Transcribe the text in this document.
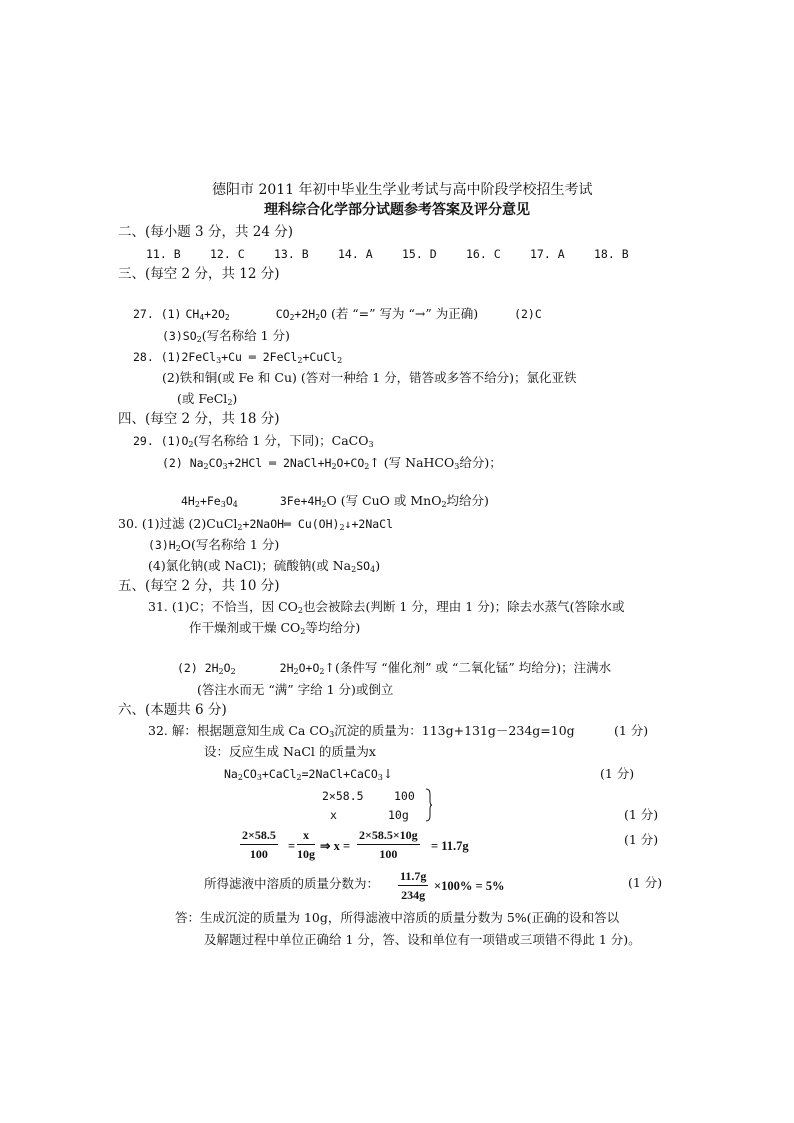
德阳市 2011 年初中毕业生学业考试与高中阶段学校招生考试
理科综合化学部分试题参考答案及评分意见
二、(每小题 3 分，共 24 分)
11. B	12. C	13. B	14. A	15. D	16. C	17. A	18. B
三、(每空 2 分，共 12 分)
27. (1) $CH_4+2O_2$	$CO_2+2H_2O$ (若 “=” 写为 “→” 为正确)	(2)C
$(3)SO_2$(写名称给 1 分)
28. (1)2FeCl$_3$+Cu ═ 2FeCl$_2$+CuCl$_2$
(2)铁和铜(或 Fe 和 Cu) (答对一种给 1 分，错答或多答不给分)；氯化亚铁
(或 FeCl$_2$)
四、(每空 2 分，共 18 分)
29. $(1)O_2$(写名称给 1 分，下同)；CaCO$_3$
(2) $Na_2CO_3+2HCl$ ═ $2NaCl+H_2O+CO_2↑$ (写 NaHCO$_3$给分)；
$4H_2+Fe_3O_4$	$3Fe+4H_2O$ (写 CuO 或 MnO$_2$均给分)
30. (1)过滤 (2)CuCl$_2$+2NaOH═ $Cu(OH)_2↓+2NaCl$
$(3)H_2O$(写名称给 1 分)
(4)氯化钠(或 NaCl)；硫酸钠(或 $Na_2SO_4$)
五、(每空 2 分，共 10 分)
31. (1)C；不恰当，因 $CO_2$也会被除去(判断 1 分，理由 1 分)；除去水蒸气(答除水或
作干燥剂或干燥 $CO_2$等均给分)
(2) $2H_2O_2$	$2H_2O+O_2↑$(条件写 “催化剂” 或 “二氧化锰” 均给分)；注满水
(答注水而无 “满” 字给 1 分)或倒立
六、(本题共 6 分)
32. 解：根据题意知生成 Ca $CO_3$沉淀的质量为：113g+131g－234g=10g	(1 分)
设：反应生成 NaCl 的质量为x
$Na_2CO_3+CaCl_2=2NaCl+CaCO_3↓$	(1 分)
2×58.5	100
x	10g	(1 分)
$\frac{2\times 58.5}{100} = \frac{x}{10g}$ ⇒ $x = \frac{2\times 58.5\times 10g}{100} = 11.7g$	(1 分)
所得滤液中溶质的质量分数为： $\frac{11.7g}{234g} \times 100\% = 5\%$	(1 分)
答：生成沉淀的质量为 10g，所得滤液中溶质的质量分数为 5%(正确的设和答以
及解题过程中单位正确给 1 分，答、设和单位有一项错或三项错不得此 1 分)。
